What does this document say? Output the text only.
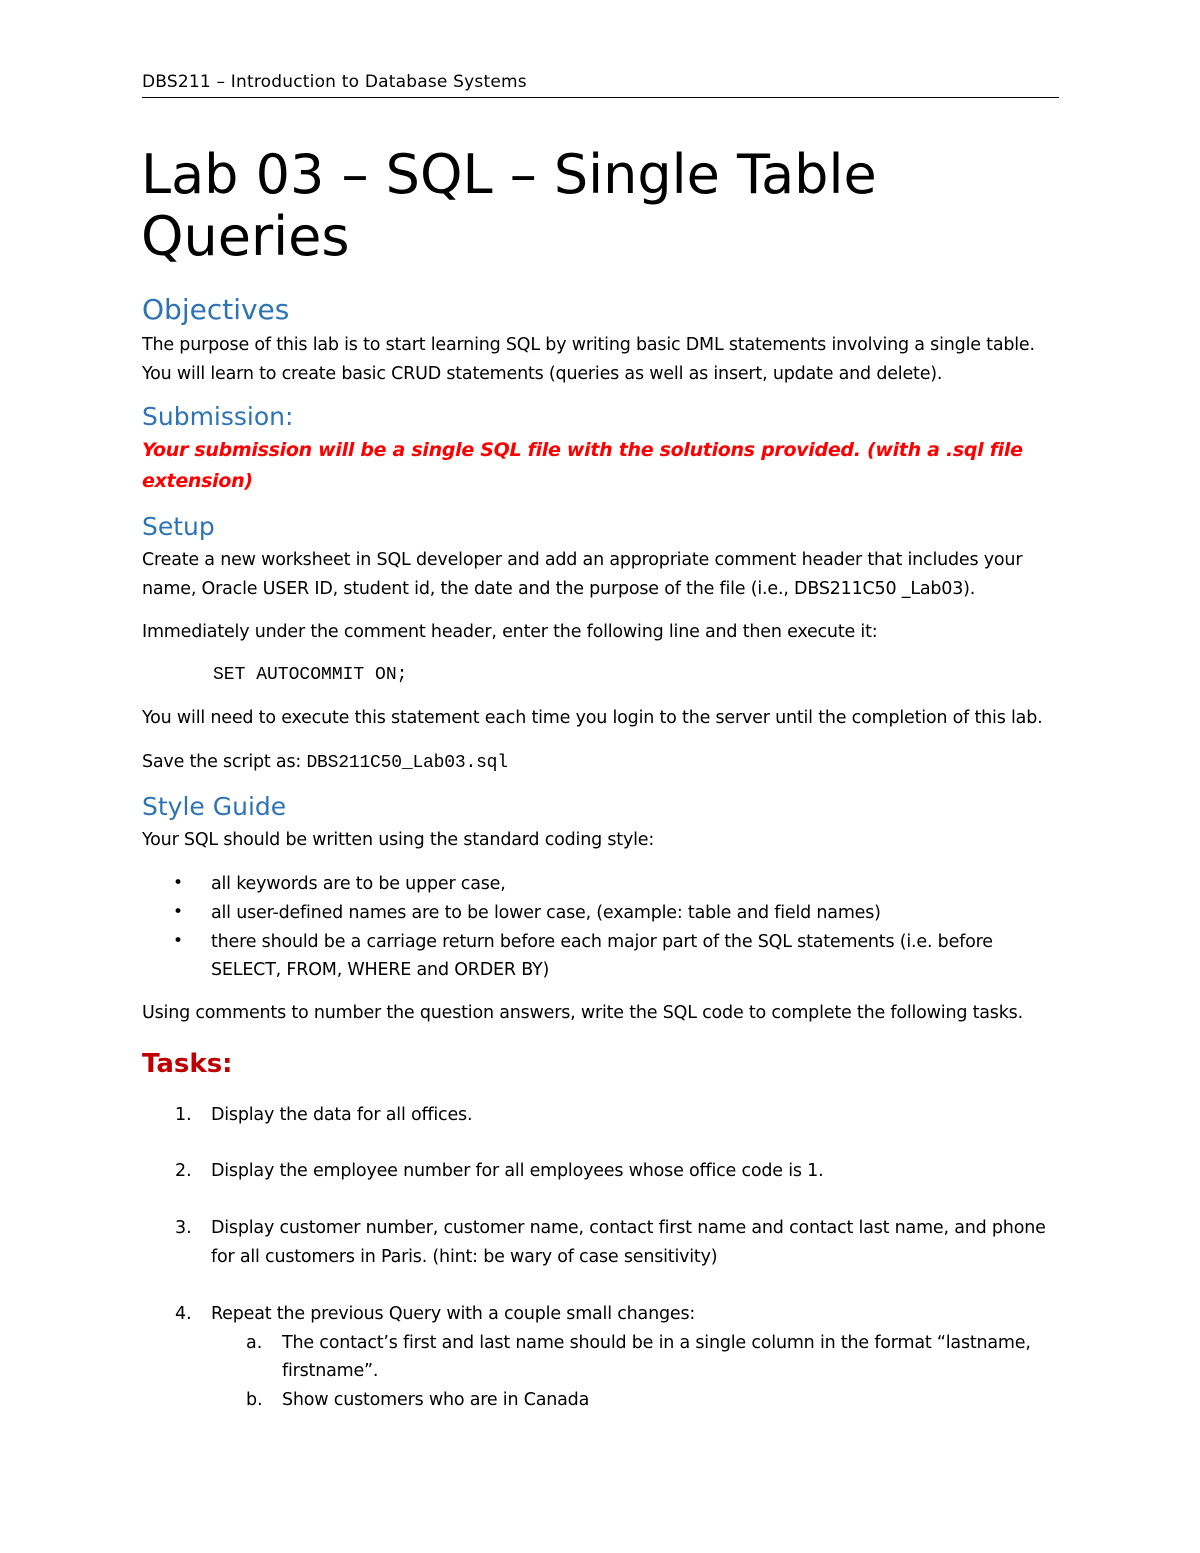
DBS211 – Introduction to Database Systems
Lab 03 – SQL – Single Table
Queries
Objectives
The purpose of this lab is to start learning SQL by writing basic DML statements involving a single table.
You will learn to create basic CRUD statements (queries as well as insert, update and delete).
Submission:
Your submission will be a single SQL file with the solutions provided. (with a .sql file
extension)
Setup
Create a new worksheet in SQL developer and add an appropriate comment header that includes your
name, Oracle USER ID, student id, the date and the purpose of the file (i.e., DBS211C50 _Lab03).
Immediately under the comment header, enter the following line and then execute it:
SET AUTOCOMMIT ON;
You will need to execute this statement each time you login to the server until the completion of this lab.
Save the script as: DBS211C50_Lab03.sql
Style Guide
Your SQL should be written using the standard coding style:
• all keywords are to be upper case,
• all user-defined names are to be lower case, (example: table and field names)
• there should be a carriage return before each major part of the SQL statements (i.e. before
SELECT, FROM, WHERE and ORDER BY)
Using comments to number the question answers, write the SQL code to complete the following tasks.
Tasks:
1. Display the data for all offices.
2. Display the employee number for all employees whose office code is 1.
3. Display customer number, customer name, contact first name and contact last name, and phone
for all customers in Paris. (hint: be wary of case sensitivity)
4. Repeat the previous Query with a couple small changes:
a. The contact’s first and last name should be in a single column in the format “lastname,
firstname”.
b. Show customers who are in Canada
